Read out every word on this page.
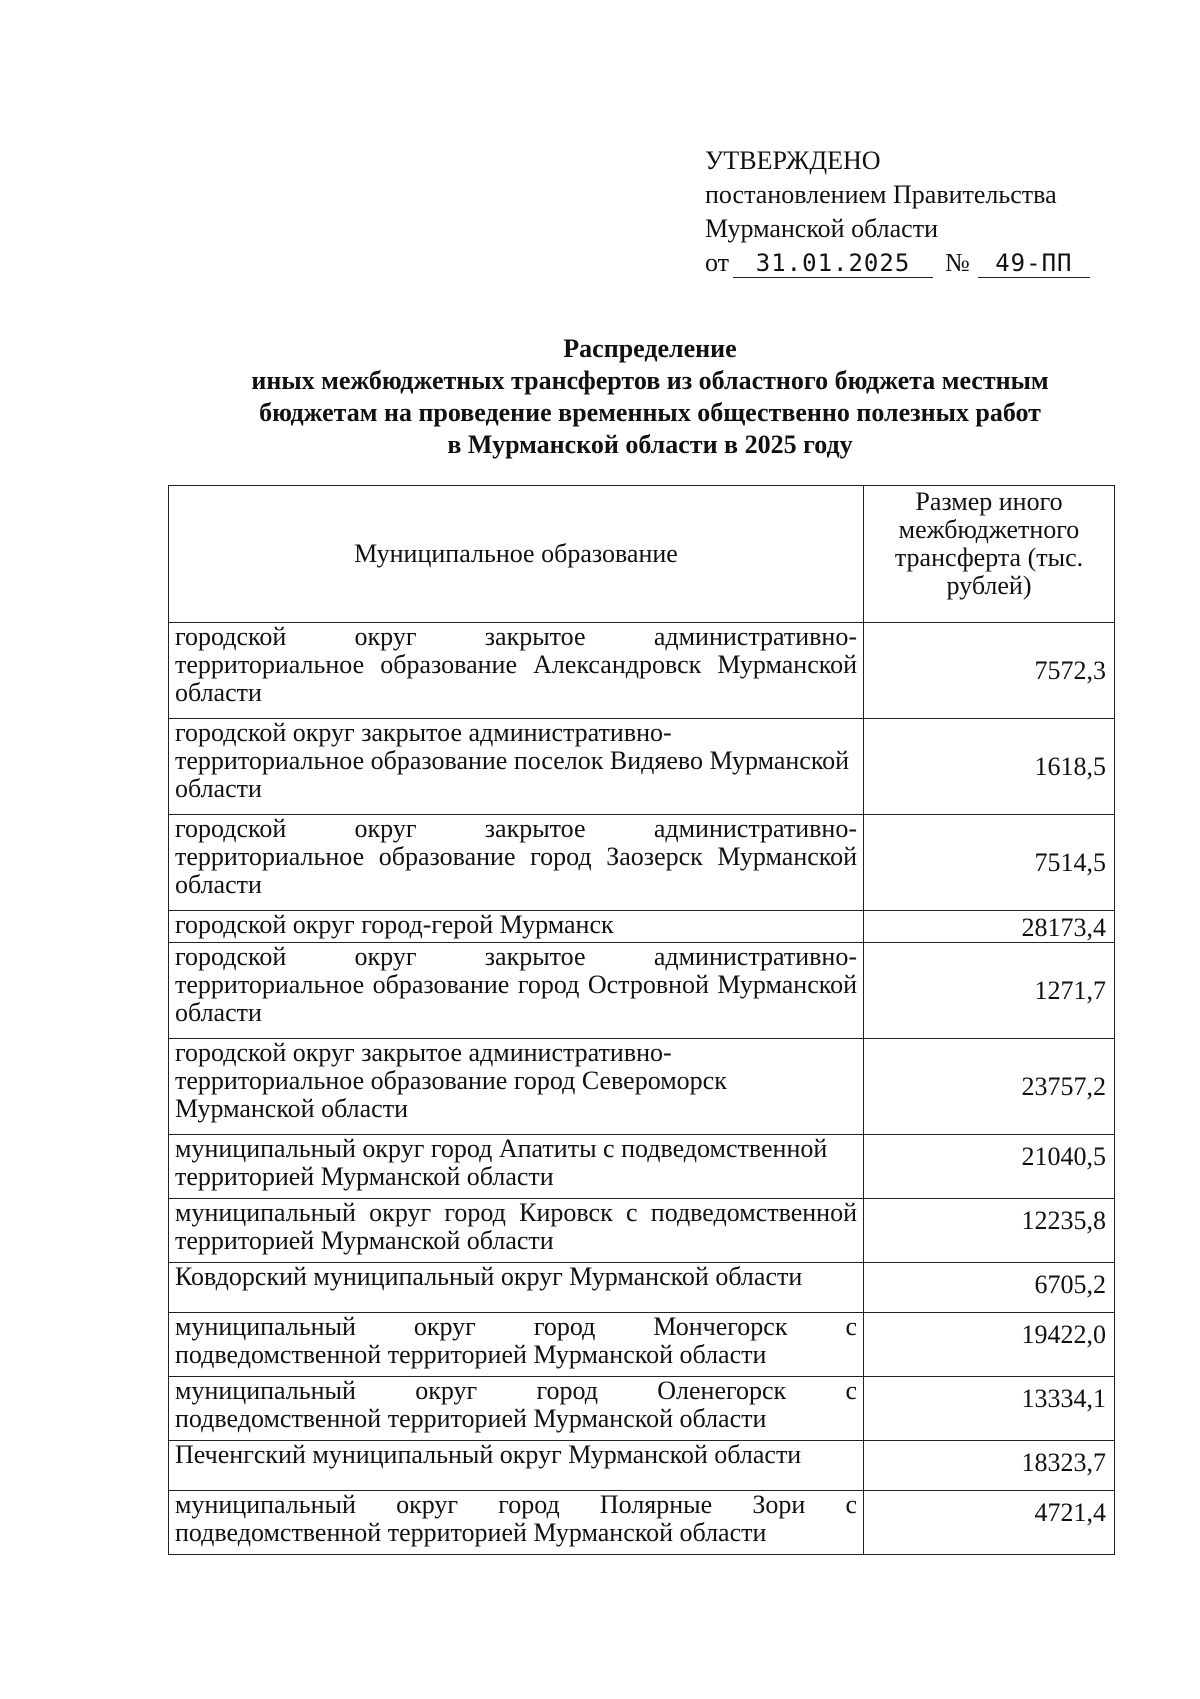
УТВЕРЖДЕНО
постановлением Правительства
Мурманской области
от 31.01.2025 № 49-ПП
Распределение
иных межбюджетных трансфертов из областного бюджета местным
бюджетам на проведение временных общественно полезных работ
в Мурманской области в 2025 году
Муниципальное образование	Размер иного межбюджетного трансферта (тыс. рублей)
городской округ закрытое административно-территориальное образование Александровск Мурманской области	7572,3
городской округ закрытое административно-территориальное образование поселок Видяево Мурманской области	1618,5
городской округ закрытое административно-территориальное образование город Заозерск Мурманской области	7514,5
городской округ город-герой Мурманск	28173,4
городской округ закрытое административно-территориальное образование город Островной Мурманской области	1271,7
городской округ закрытое административно-территориальное образование город Североморск Мурманской области	23757,2
муниципальный округ город Апатиты с подведомственной территорией Мурманской области	21040,5
муниципальный округ город Кировск с подведомственной территорией Мурманской области	12235,8
Ковдорский муниципальный округ Мурманской области	6705,2
муниципальный округ город Мончегорск с подведомственной территорией Мурманской области	19422,0
муниципальный округ город Оленегорск с подведомственной территорией Мурманской области	13334,1
Печенгский муниципальный округ Мурманской области	18323,7
муниципальный округ город Полярные Зори с подведомственной территорией Мурманской области	4721,4
